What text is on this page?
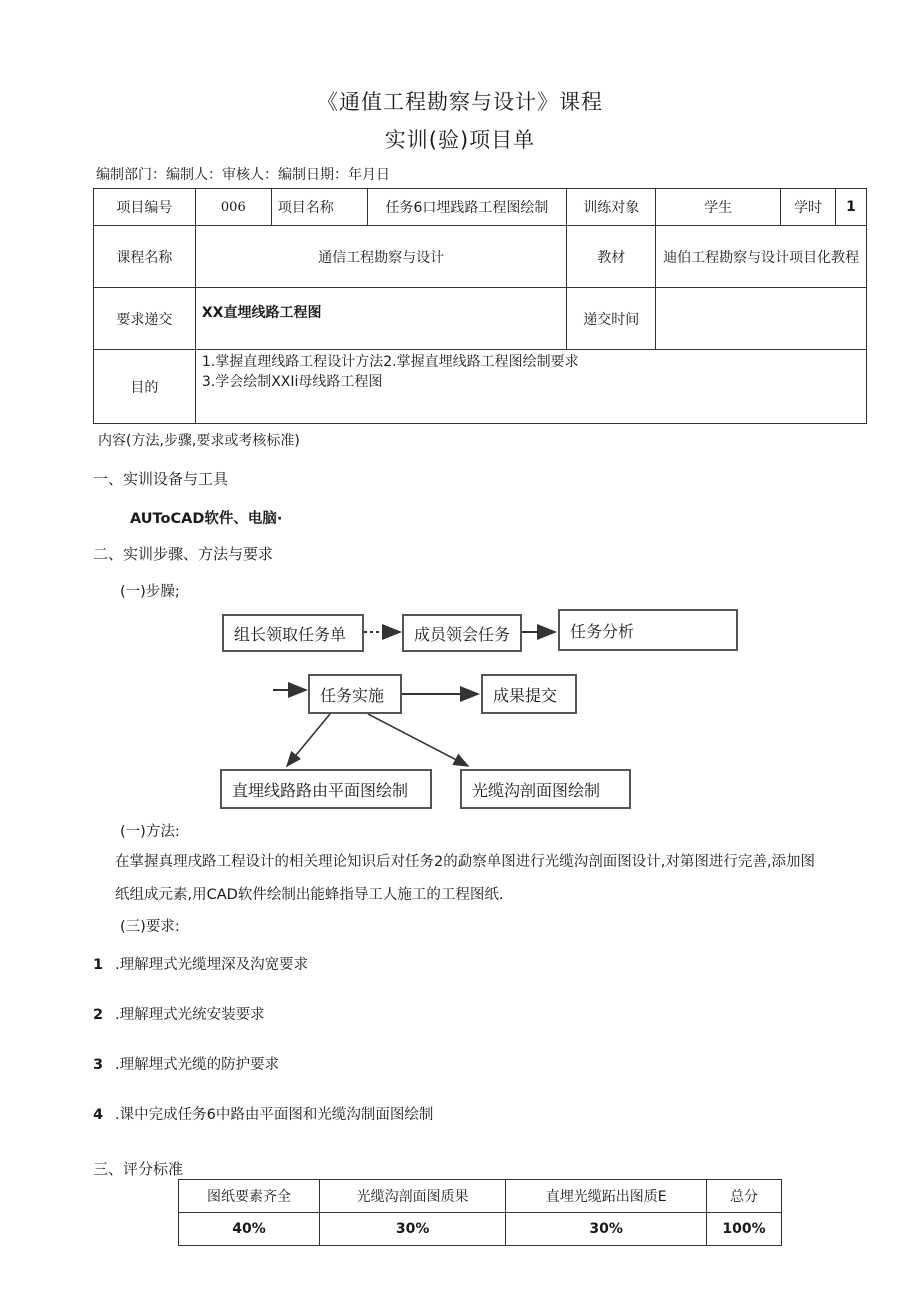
《通值工程勘察与设计》课程
实训(验)项目单
编制部门：编制人：审核人：编制日期：年月日
项目编号	006	项目名称	任务6口埋践路工程图绘制	训练对象	学生	学时	1
课程名称	通信工程勘察与设计			教材	迪伯工程勘察与设计项目化教程		
要求递交	XX直埋线路工程图			递交时间			
目的	1.掌握直理线路工程设计方法2.掌握直埋线路工程图绘制要求
3.学会绘制XXIi母线路工程图						
内容(方法,步骤,要求或考核标准)
一、实训设备与工具
AUToCAD软件、电脑·
二、实训步骤、方法与要求
(一)步臊;
组长领取任务单	成员领会任务	任务分析
任务实施	成果提交
直埋线路路由平面图绘制	光缆沟剖面图绘制
(一)方法:
在掌握真理戌路工程设计的相关理论知识后对任务2的勐察单图进行光缆沟剖面图设计,对第图进行完善,添加图
纸组成元素,用CAD软件绘制出能蜂指导工人施工的工程图纸.
(三)要求:
1 .理解理式光缆埋深及沟宽要求
2 .理解理式光统安装要求
3 .理解埋式光缆的防护要求
4 .课中完成任务6中路由平面图和光缆沟制面图绘制
三、评分标准
图纸要素齐全	光缆沟剖面图质果	直埋光缆跖出图质E	总分
40%	30%	30%	100%
